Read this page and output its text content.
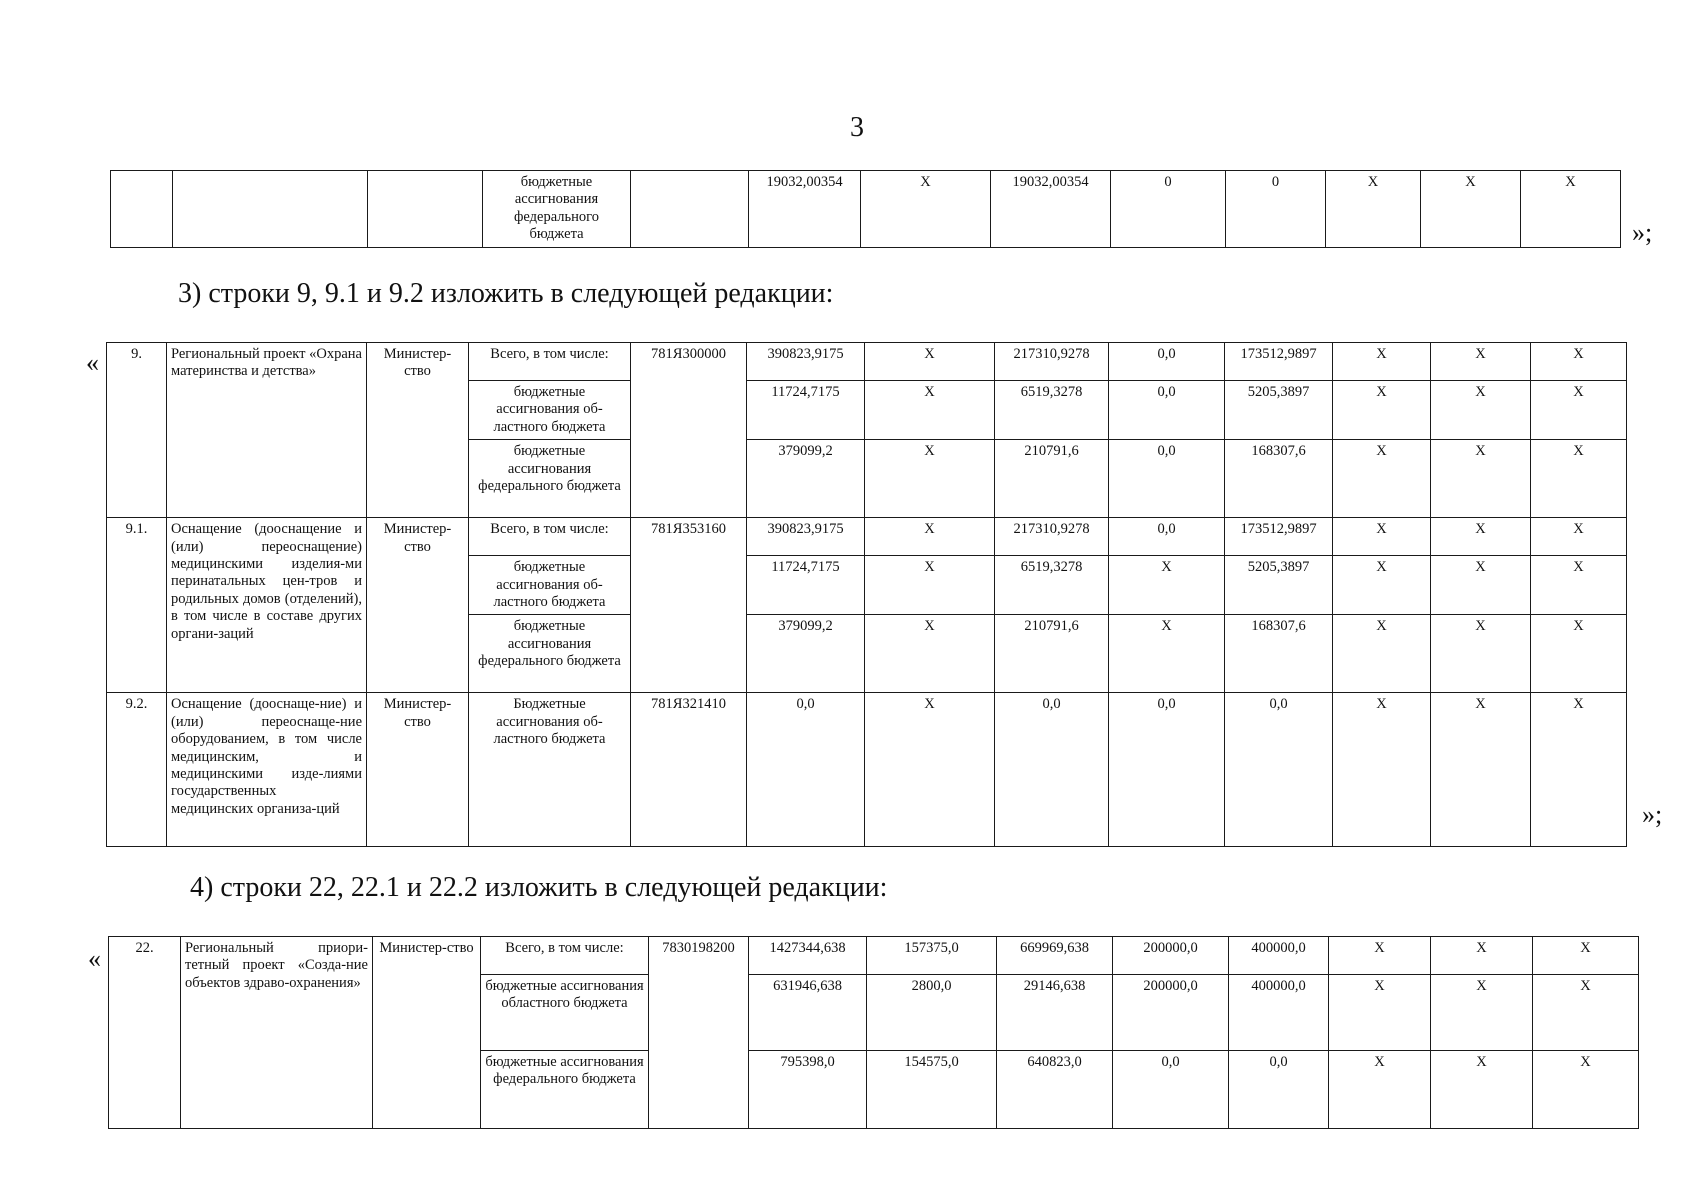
3
			бюджетные ассигнования федерального бюджета		19032,00354	Х	19032,00354	0	0	Х	Х	Х
»;
3) строки 9, 9.1 и 9.2 изложить в следующей редакции:
« 9.	Региональный проект «Охрана материнства и детства»	Министер-ство	Всего, в том числе:	781Я300000	390823,9175	Х	217310,9278	0,0	173512,9897	Х	Х	Х
			бюджетные ассигнования об-ластного бюджета		11724,7175	Х	6519,3278	0,0	5205,3897	Х	Х	Х
			бюджетные ассигнования федерального бюджета		379099,2	Х	210791,6	0,0	168307,6	Х	Х	Х
9.1.	Оснащение (дооснащение и (или) переоснащение) медицинскими изделия-ми перинатальных цен-тров и родильных домов (отделений), в том числе в составе других органи-заций	Министер-ство	Всего, в том числе:	781Я353160	390823,9175	Х	217310,9278	0,0	173512,9897	Х	Х	Х
			бюджетные ассигнования об-ластного бюджета		11724,7175	Х	6519,3278	Х	5205,3897	Х	Х	Х
			бюджетные ассигнования федерального бюджета		379099,2	Х	210791,6	Х	168307,6	Х	Х	Х
9.2.	Оснащение (дооснаще-ние) и (или) переоснаще-ние оборудованием, в том числе медицинским, и медицинскими изде-лиями государственных медицинских организа-ций	Министер-ство	Бюджетные ассигнования об-ластного бюджета	781Я321410	0,0	Х	0,0	0,0	0,0	Х	Х	Х
»;
4) строки 22, 22.1 и 22.2 изложить в следующей редакции:
« 22.	Региональный приори-тетный проект «Созда-ние объектов здраво-охранения»	Министер-ство	Всего, в том числе:	7830198200	1427344,638	157375,0	669969,638	200000,0	400000,0	Х	Х	Х
			бюджетные ассигнования областного бюджета		631946,638	2800,0	29146,638	200000,0	400000,0	Х	Х	Х
			бюджетные ассигнования федерального бюджета		795398,0	154575,0	640823,0	0,0	0,0	Х	Х	Х
